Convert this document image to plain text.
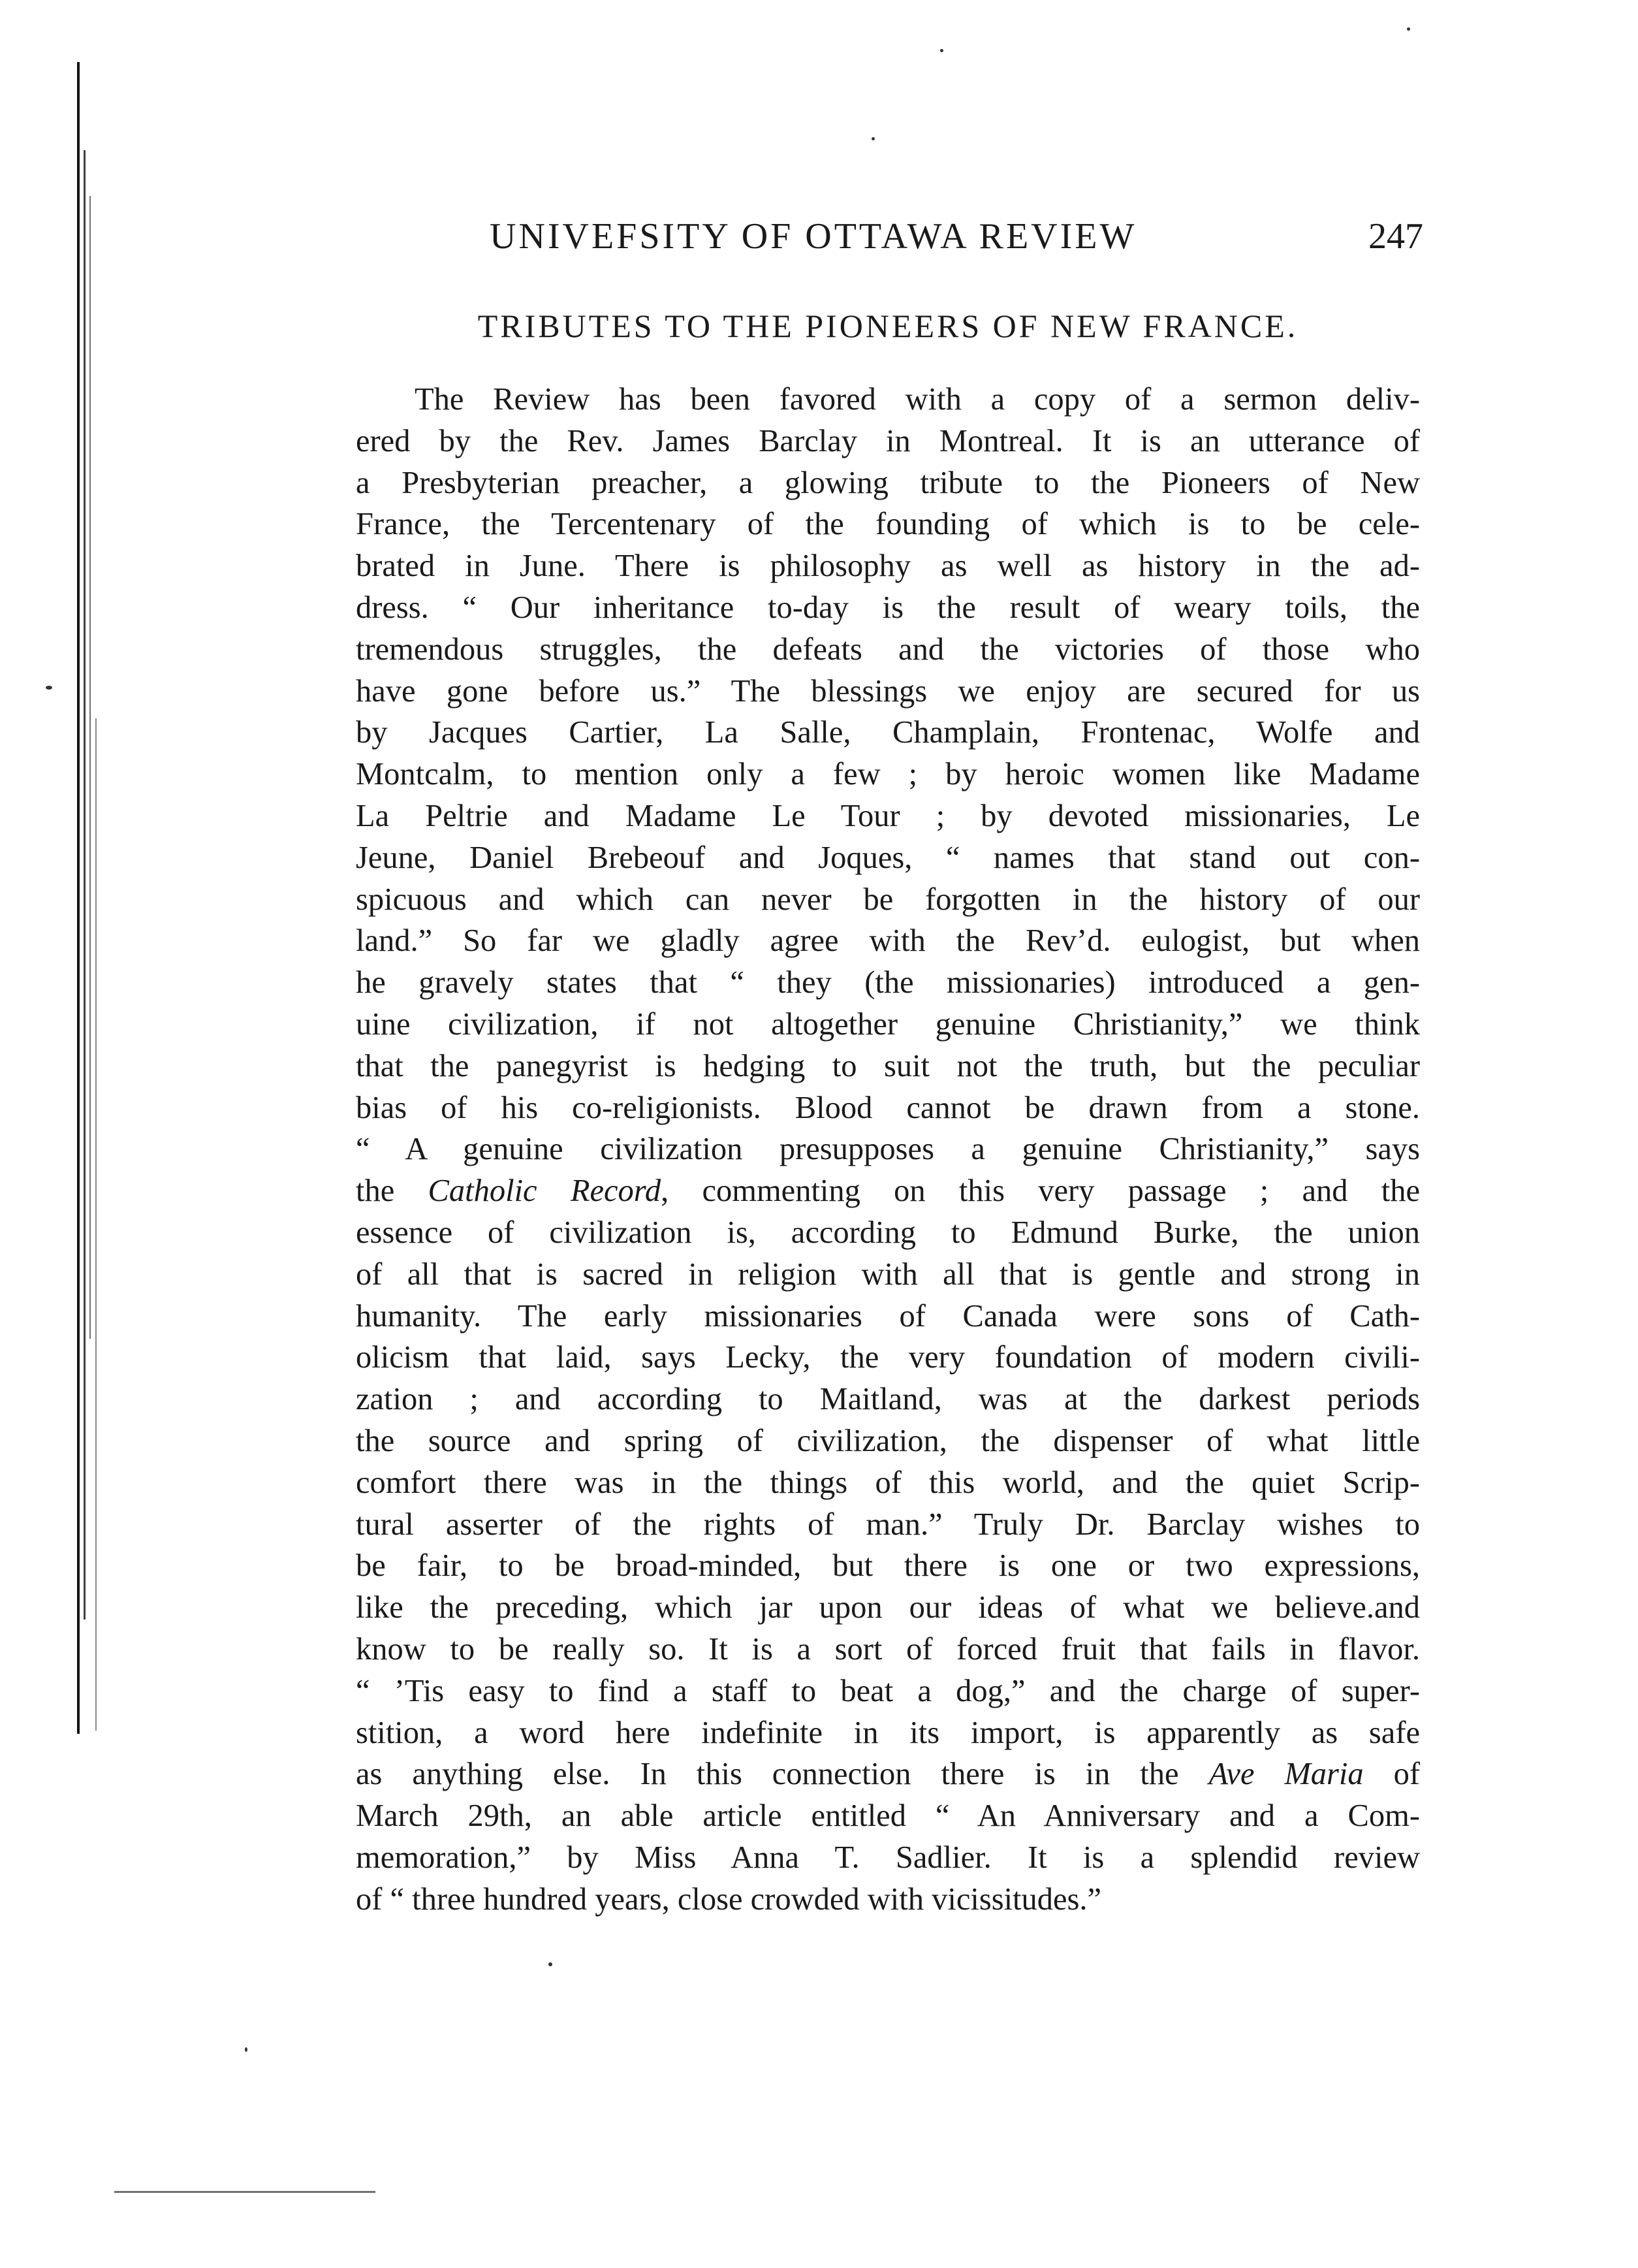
UNIVEFSITY OF OTTAWA REVIEW	247
TRIBUTES TO THE PIONEERS OF NEW FRANCE.
The Review has been favored with a copy of a sermon deliv-
ered by the Rev. James Barclay in Montreal. It is an utterance of
a Presbyterian preacher, a glowing tribute to the Pioneers of New
France, the Tercentenary of the founding of which is to be cele-
brated in June. There is philosophy as well as history in the ad-
dress. “ Our inheritance to-day is the result of weary toils, the
tremendous struggles, the defeats and the victories of those who
have gone before us.” The blessings we enjoy are secured for us
by Jacques Cartier, La Salle, Champlain, Frontenac, Wolfe and
Montcalm, to mention only a few ; by heroic women like Madame
La Peltrie and Madame Le Tour ; by devoted missionaries, Le
Jeune, Daniel Brebeouf and Joques, “ names that stand out con-
spicuous and which can never be forgotten in the history of our
land.” So far we gladly agree with the Rev’d. eulogist, but when
he gravely states that “ they (the missionaries) introduced a gen-
uine civilization, if not altogether genuine Christianity,” we think
that the panegyrist is hedging to suit not the truth, but the peculiar
bias of his co-religionists. Blood cannot be drawn from a stone.
“ A genuine civilization presupposes a genuine Christianity,” says
the Catholic Record, commenting on this very passage ; and the
essence of civilization is, according to Edmund Burke, the union
of all that is sacred in religion with all that is gentle and strong in
humanity. The early missionaries of Canada were sons of Cath-
olicism that laid, says Lecky, the very foundation of modern civili-
zation ; and according to Maitland, was at the darkest periods
the source and spring of civilization, the dispenser of what little
comfort there was in the things of this world, and the quiet Scrip-
tural asserter of the rights of man.” Truly Dr. Barclay wishes to
be fair, to be broad-minded, but there is one or two expressions,
like the preceding, which jar upon our ideas of what we believe.and
know to be really so. It is a sort of forced fruit that fails in flavor.
“ ’Tis easy to find a staff to beat a dog,” and the charge of super-
stition, a word here indefinite in its import, is apparently as safe
as anything else. In this connection there is in the Ave Maria of
March 29th, an able article entitled “ An Anniversary and a Com-
memoration,” by Miss Anna T. Sadlier. It is a splendid review
of “ three hundred years, close crowded with vicissitudes.”
